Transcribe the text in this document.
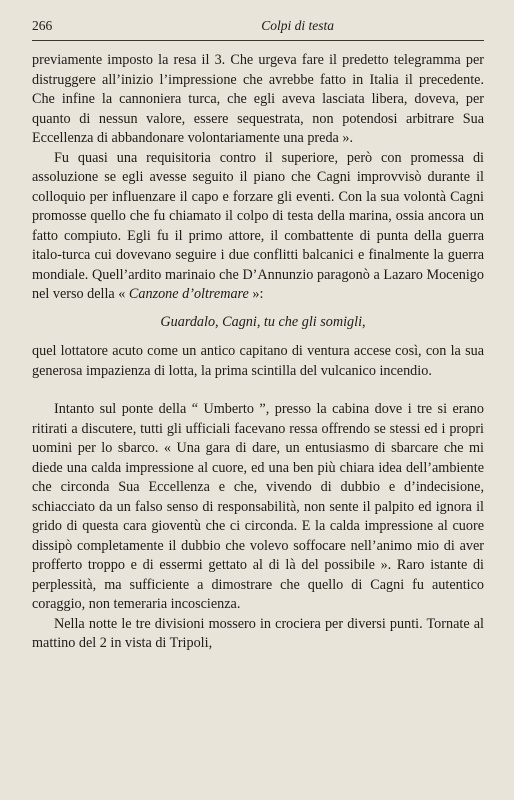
266	Colpi di testa

previamente imposto la resa il 3. Che urgeva fare il predetto telegramma per distruggere all’inizio l’impressione che avrebbe fatto in Italia il precedente. Che infine la cannoniera turca, che egli aveva lasciata libera, doveva, per quanto di nessun valore, essere sequestrata, non potendosi arbitrare Sua Eccellenza di abbandonare volontariamente una preda ».

Fu quasi una requisitoria contro il superiore, però con promessa di assoluzione se egli avesse seguito il piano che Cagni improvvisò durante il colloquio per influenzare il capo e forzare gli eventi. Con la sua volontà Cagni promosse quello che fu chiamato il colpo di testa della marina, ossia ancora un fatto compiuto. Egli fu il primo attore, il combattente di punta della guerra italo-turca cui dovevano seguire i due conflitti balcanici e finalmente la guerra mondiale. Quell’ardito marinaio che D’Annunzio paragonò a Lazaro Mocenigo nel verso della « Canzone d’oltremare »:

Guardalo, Cagni, tu che gli somigli,

quel lottatore acuto come un antico capitano di ventura accese così, con la sua generosa impazienza di lotta, la prima scintilla del vulcanico incendio.

Intanto sul ponte della “ Umberto ”, presso la cabina dove i tre si erano ritirati a discutere, tutti gli ufficiali facevano ressa offrendo se stessi ed i propri uomini per lo sbarco. « Una gara di dare, un entusiasmo di sbarcare che mi diede una calda impressione al cuore, ed una ben più chiara idea dell’ambiente che circonda Sua Eccellenza e che, vivendo di dubbio e d’indecisione, schiacciato da un falso senso di responsabilità, non sente il palpito ed ignora il grido di questa cara gioventù che ci circonda. E la calda impressione al cuore dissipò completamente il dubbio che volevo soffocare nell’animo mio di aver profferto troppo e di essermi gettato al di là del possibile ». Raro istante di perplessità, ma sufficiente a dimostrare che quello di Cagni fu autentico coraggio, non temeraria incoscienza.

Nella notte le tre divisioni mossero in crociera per diversi punti. Tornate al mattino del 2 in vista di Tripoli,
